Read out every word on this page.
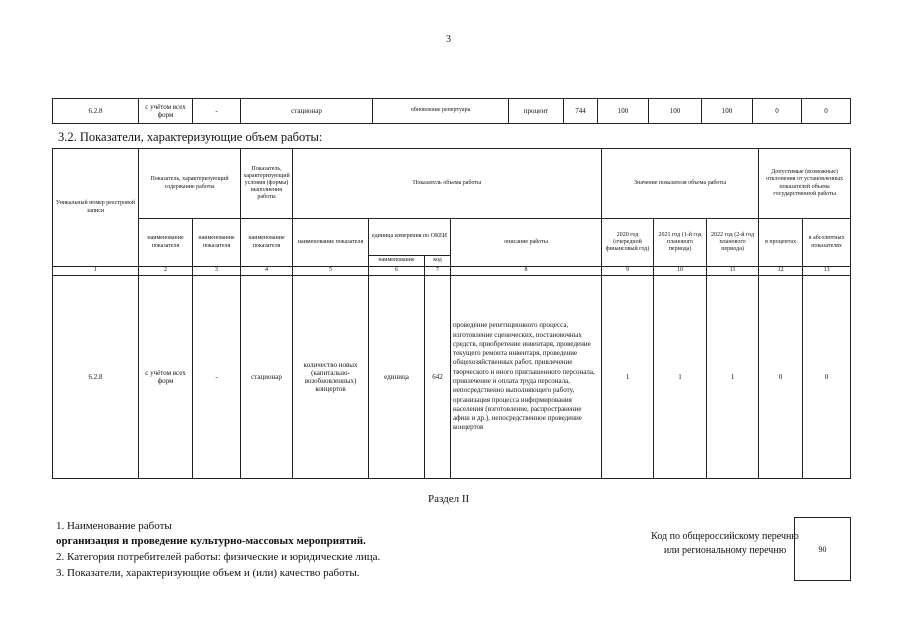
3
6.2.8	с учётом всех форм	-	стационар	обновление репертуара	процент	744	100	100	100	0	0
3.2. Показатели, характеризующие объем работы:
Уникальный номер реестровой записи	Показатель, характеризующий содержание работы		Показатель, характеризующий условия (формы) выполнения работы	Показатель объема работы				Значение показателя объема работы			Допустимые (возможные) отклонения от установленных показателей объема государственной работы	
	наименование показателя	наименование показателя	наименование показателя	наименование показателя	единица измерения по ОКЕИ		описание работы	2020 год (очередной финансовый год)	2021 год (1-й год планового периода)	2022 год (2-й год планового периода)	в процентах	в абсолютных показателях
					наименование	код						
1	2	3	4	5	6	7	8	9	10	11	12	13
6.2.8	с учётом всех форм	-	стационар	количество новых (капитально-возобновленных) концертов	единица	642	проведение репетиционного процесса, изготовление сценических, постановочных средств, приобретение инвентаря, проведение текущего ремонта инвентаря, проведение общехозяйственных работ, привлечение творческого и иного приглашенного персонала, привлечение и оплата труда персонала, непосредственно выполняющего работу, организация процесса информирования населения (изготовление, распространение афиш и др.), непосредственное проведение концертов	1	1	1	0	0
Раздел II
1. Наименование работы
организация и проведение культурно-массовых мероприятий.
2. Категория потребителей работы: физические и юридические лица.
3. Показатели, характеризующие объем и (или) качество работы.
Код по общероссийскому перечню или региональному перечню	90
